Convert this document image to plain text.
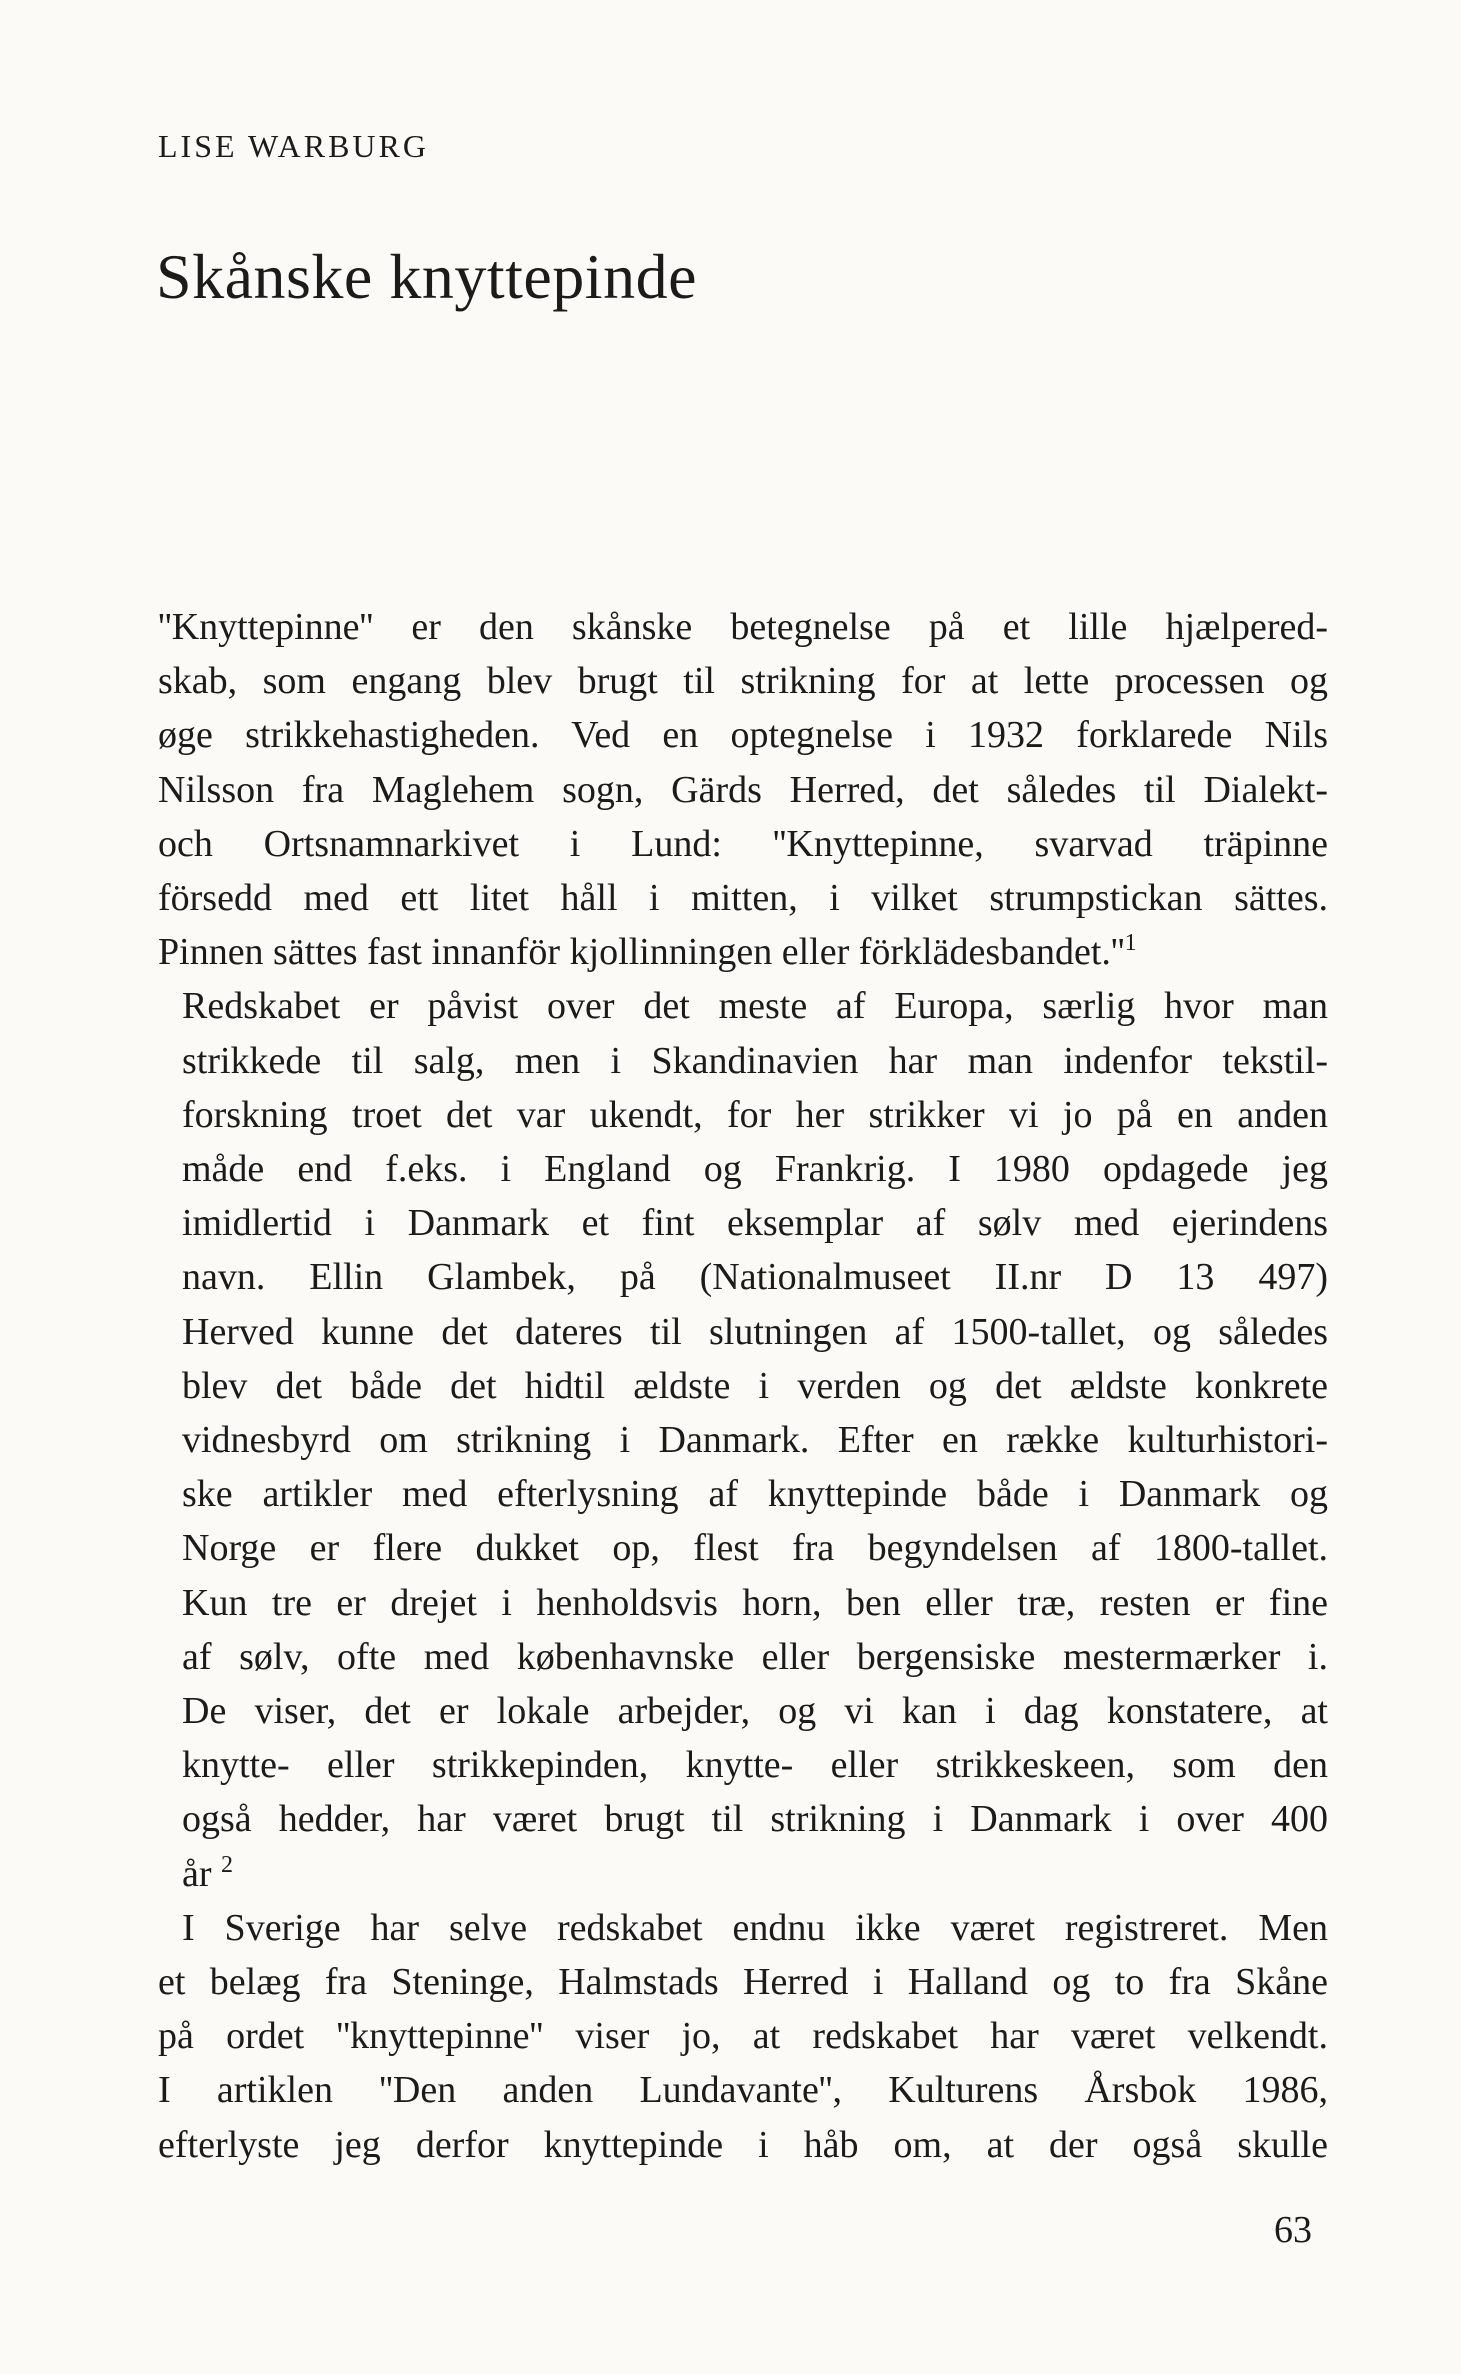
LISE WARBURG
Skånske knyttepinde

''Knyttepinne'' er den skånske betegnelse på et lille hjælpered-
skab, som engang blev brugt til strikning for at lette processen og
øge strikkehastigheden. Ved en optegnelse i 1932 forklarede Nils
Nilsson fra Maglehem sogn, Gärds Herred, det således til Dialekt-
och Ortsnamnarkivet i Lund: ''Knyttepinne, svarvad träpinne
försedd med ett litet håll i mitten, i vilket strumpstickan sättes.
Pinnen sättes fast innanför kjollinningen eller $förklädesbandet.''^1$

Redskabet er påvist over det meste af Europa, særlig hvor man
strikkede til salg, men i Skandinavien har man indenfor tekstil-
forskning troet det var ukendt, for her strikker vi jo på en anden
måde end f.eks. i England og Frankrig. I 1980 opdagede jeg
imidlertid i Danmark et fint eksemplar af sølv med ejerindens
navn. Ellin Glambek, på (Nationalmuseet II.nr D 13 497)
Herved kunne det dateres til slutningen af 1500-tallet, og således
blev det både det hidtil ældste i verden og det ældste konkrete
vidnesbyrd om strikning i Danmark. Efter en række kulturhistori-
ske artikler med efterlysning af knyttepinde både i Danmark og
Norge er flere dukket op, flest fra begyndelsen af 1800-tallet.
Kun tre er drejet i henholdsvis horn, ben eller træ, resten er fine
af sølv, ofte med københavnske eller bergensiske mestermærker i.
De viser, det er lokale arbejder, og vi kan i dag konstatere, at
knytte- eller strikkepinden, knytte- eller strikkeskeen, som den
også hedder, har været brugt til strikning i Danmark i over 400
år $^2$

I Sverige har selve redskabet endnu ikke været registreret. Men
et belæg fra Steninge, Halmstads Herred i Halland og to fra Skåne
på ordet ''knyttepinne'' viser jo, at redskabet har været velkendt.
I artiklen ''Den anden Lundavante'', Kulturens Årsbok 1986,
efterlyste jeg derfor knyttepinde i håb om, at der også skulle

63
